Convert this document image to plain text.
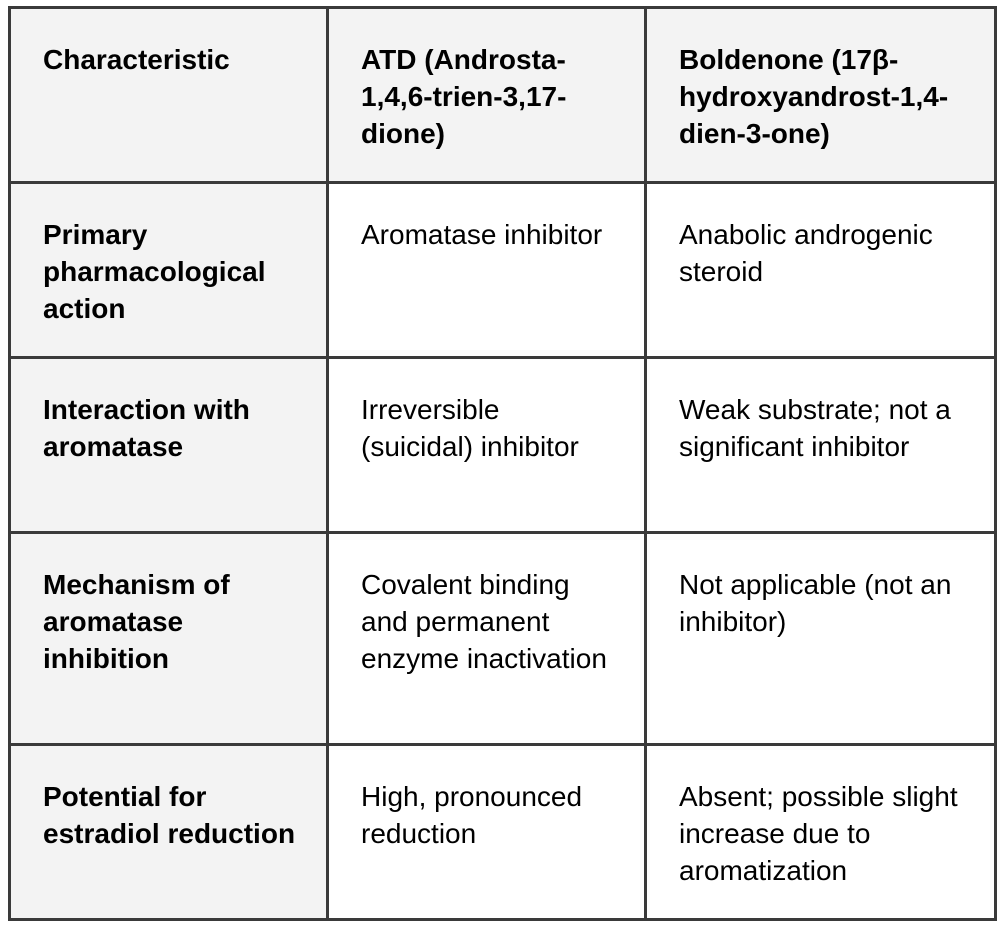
Characteristic	ATD (Androsta-1,4,6-trien-3,17-dione)	Boldenone (17β-hydroxyandrost-1,4-dien-3-one)
Primary pharmacological action	Aromatase inhibitor	Anabolic androgenic steroid
Interaction with aromatase	Irreversible (suicidal) inhibitor	Weak substrate; not a significant inhibitor
Mechanism of aromatase inhibition	Covalent binding and permanent enzyme inactivation	Not applicable (not an inhibitor)
Potential for estradiol reduction	High, pronounced reduction	Absent; possible slight increase due to aromatization
